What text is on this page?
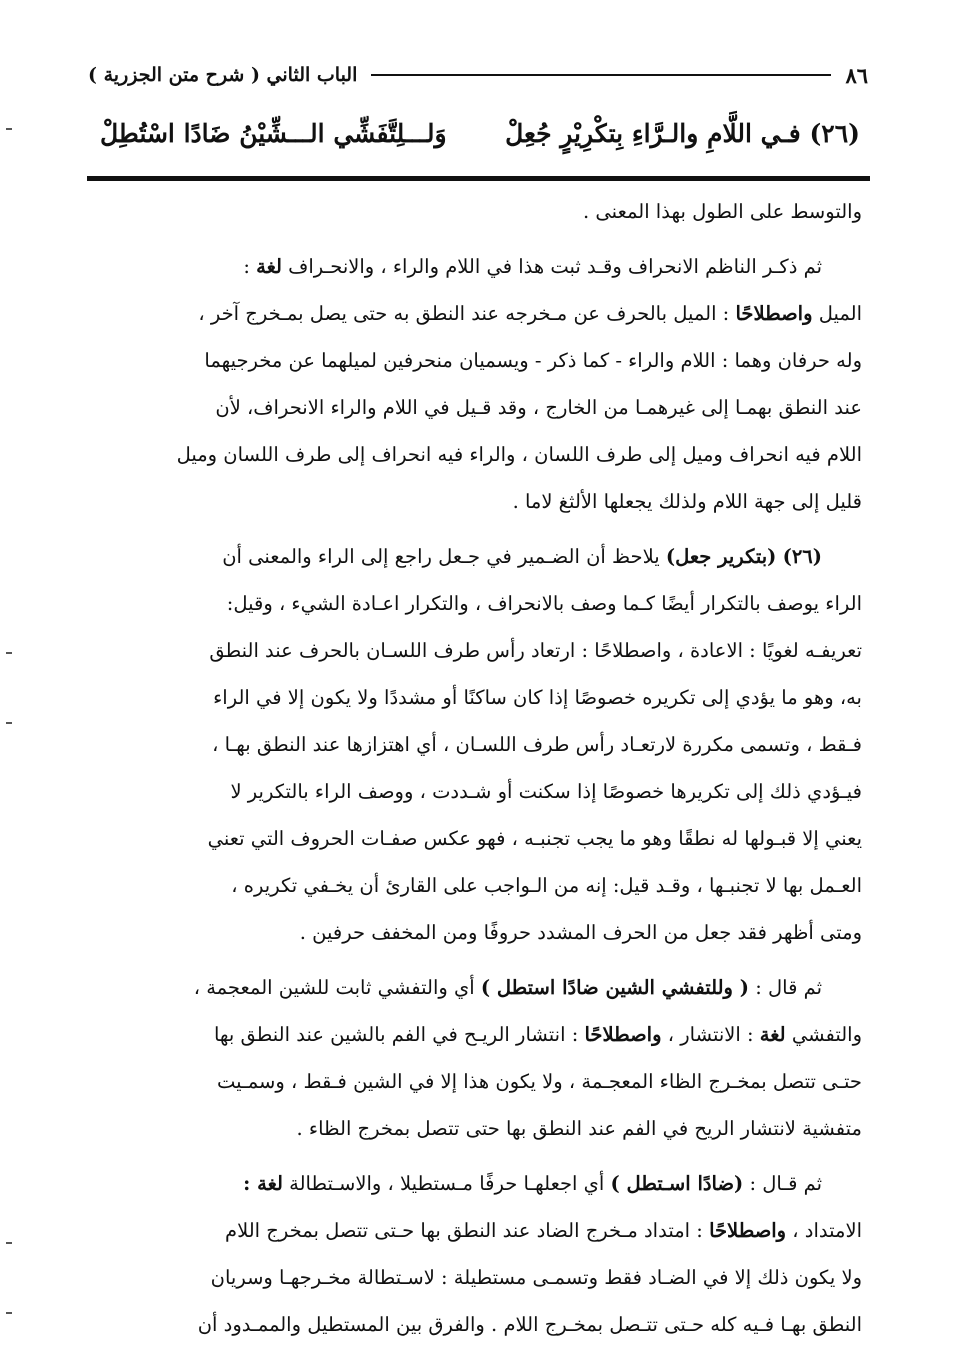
٨٦
الباب الثاني ( شرح متن الجزرية )
(٢٦) فـي اللَّامِ والـرَّاءِ بِتكْرِيْرٍ جُعِلْ
وَلـــلِتَّفَشِّي الـــشِّيْنُ ضَادًا اسْتُطِلْ
والتوسط على الطول بهذا المعنى .
ثم ذكـر الناظم الانحراف وقـد ثبت هذا في اللام والراء ، والانحـراف لغة :
الميل واصطلاحًا : الميل بالحرف عن مـخرجه عند النطق به حتى يصل بمـخرج آخر ،
وله حرفان وهما : اللام والراء - كما ذكر - ويسميان منحرفين لميلهما عن مخرجيهما
عند النطق بهمـا إلى غيرهمـا من الخارج ، وقد قـيل في اللام والراء الانحراف، لأن
اللام فيه انحراف وميل إلى طرف اللسان ، والراء فيه انحراف إلى طرف اللسان وميل
قليل إلى جهة اللام ولذلك يجعلها الألثغ لاما .
(٢٦) (بتكرير جعل) يلاحظ أن الضـمير في جـعل راجع إلى الراء والمعنى أن
الراء يوصف بالتكرار أيضًا كـما وصف بالانحراف ، والتكرار اعـادة الشيء ، وقيل:
تعريفـه لغويًا : الاعادة ، واصطلاحًا : ارتعاد رأس طرف اللسـان بالحرف عند النطق
به، وهو ما يؤدي إلى تكريره خصوصًا إذا كان ساكنًا أو مشددًا ولا يكون إلا في الراء
فـقط ، وتسمى مكررة لارتعـاد رأس طرف اللسـان ، أي اهتزازها عند النطق بهـا ،
فيـؤدي ذلك إلى تكريرها خصوصًا إذا سكنت أو شـددت ، ووصف الراء بالتكرير لا
يعني إلا قبـولها له نطقًا وهو ما يجب تجنبـه ، فهو عكس صفـات الحروف التي تعني
العـمل بها لا تجنبـها ، وقـد قيل: إنه من الـواجب على القارئ أن يخـفي تكريره ،
ومتى أظهر فقد جعل من الحرف المشدد حروفًا ومن المخفف حرفين .
ثم قال : ( وللتفشي الشين ضادًا استطل ) أي والتفشي ثابت للشين المعجمة ،
والتفشي لغة : الانتشار ، واصطلاحًا : انتشار الريـح في الفم بالشين عند النطق بها
حتـى تتصل بمخـرج الظاء المعجـمة ، ولا يكون هذا إلا في الشين فـقط ، وسمـيت
متفشية لانتشار الريح في الفم عند النطق بها حتى تتصل بمخرج الظاء .
ثم قـال : (ضادًا اسـتطل ) أي اجعلهـا حرفًا مـستطيلا ، والاسـتطالة لغة :
الامتداد ، واصطلاحًا : امتداد مـخرج الضاد عند النطق بها حـتى تتصل بمخرج اللام
ولا يكون ذلك إلا في الضـاد فقط وتسمـى مستطيلة : لاسـتطالة مخـرجهـا وسريان
النطق بهـا فـيه كله حـتى تتـصل بمخـرج اللام . والفرق بين المستطيل والممـدود أن
